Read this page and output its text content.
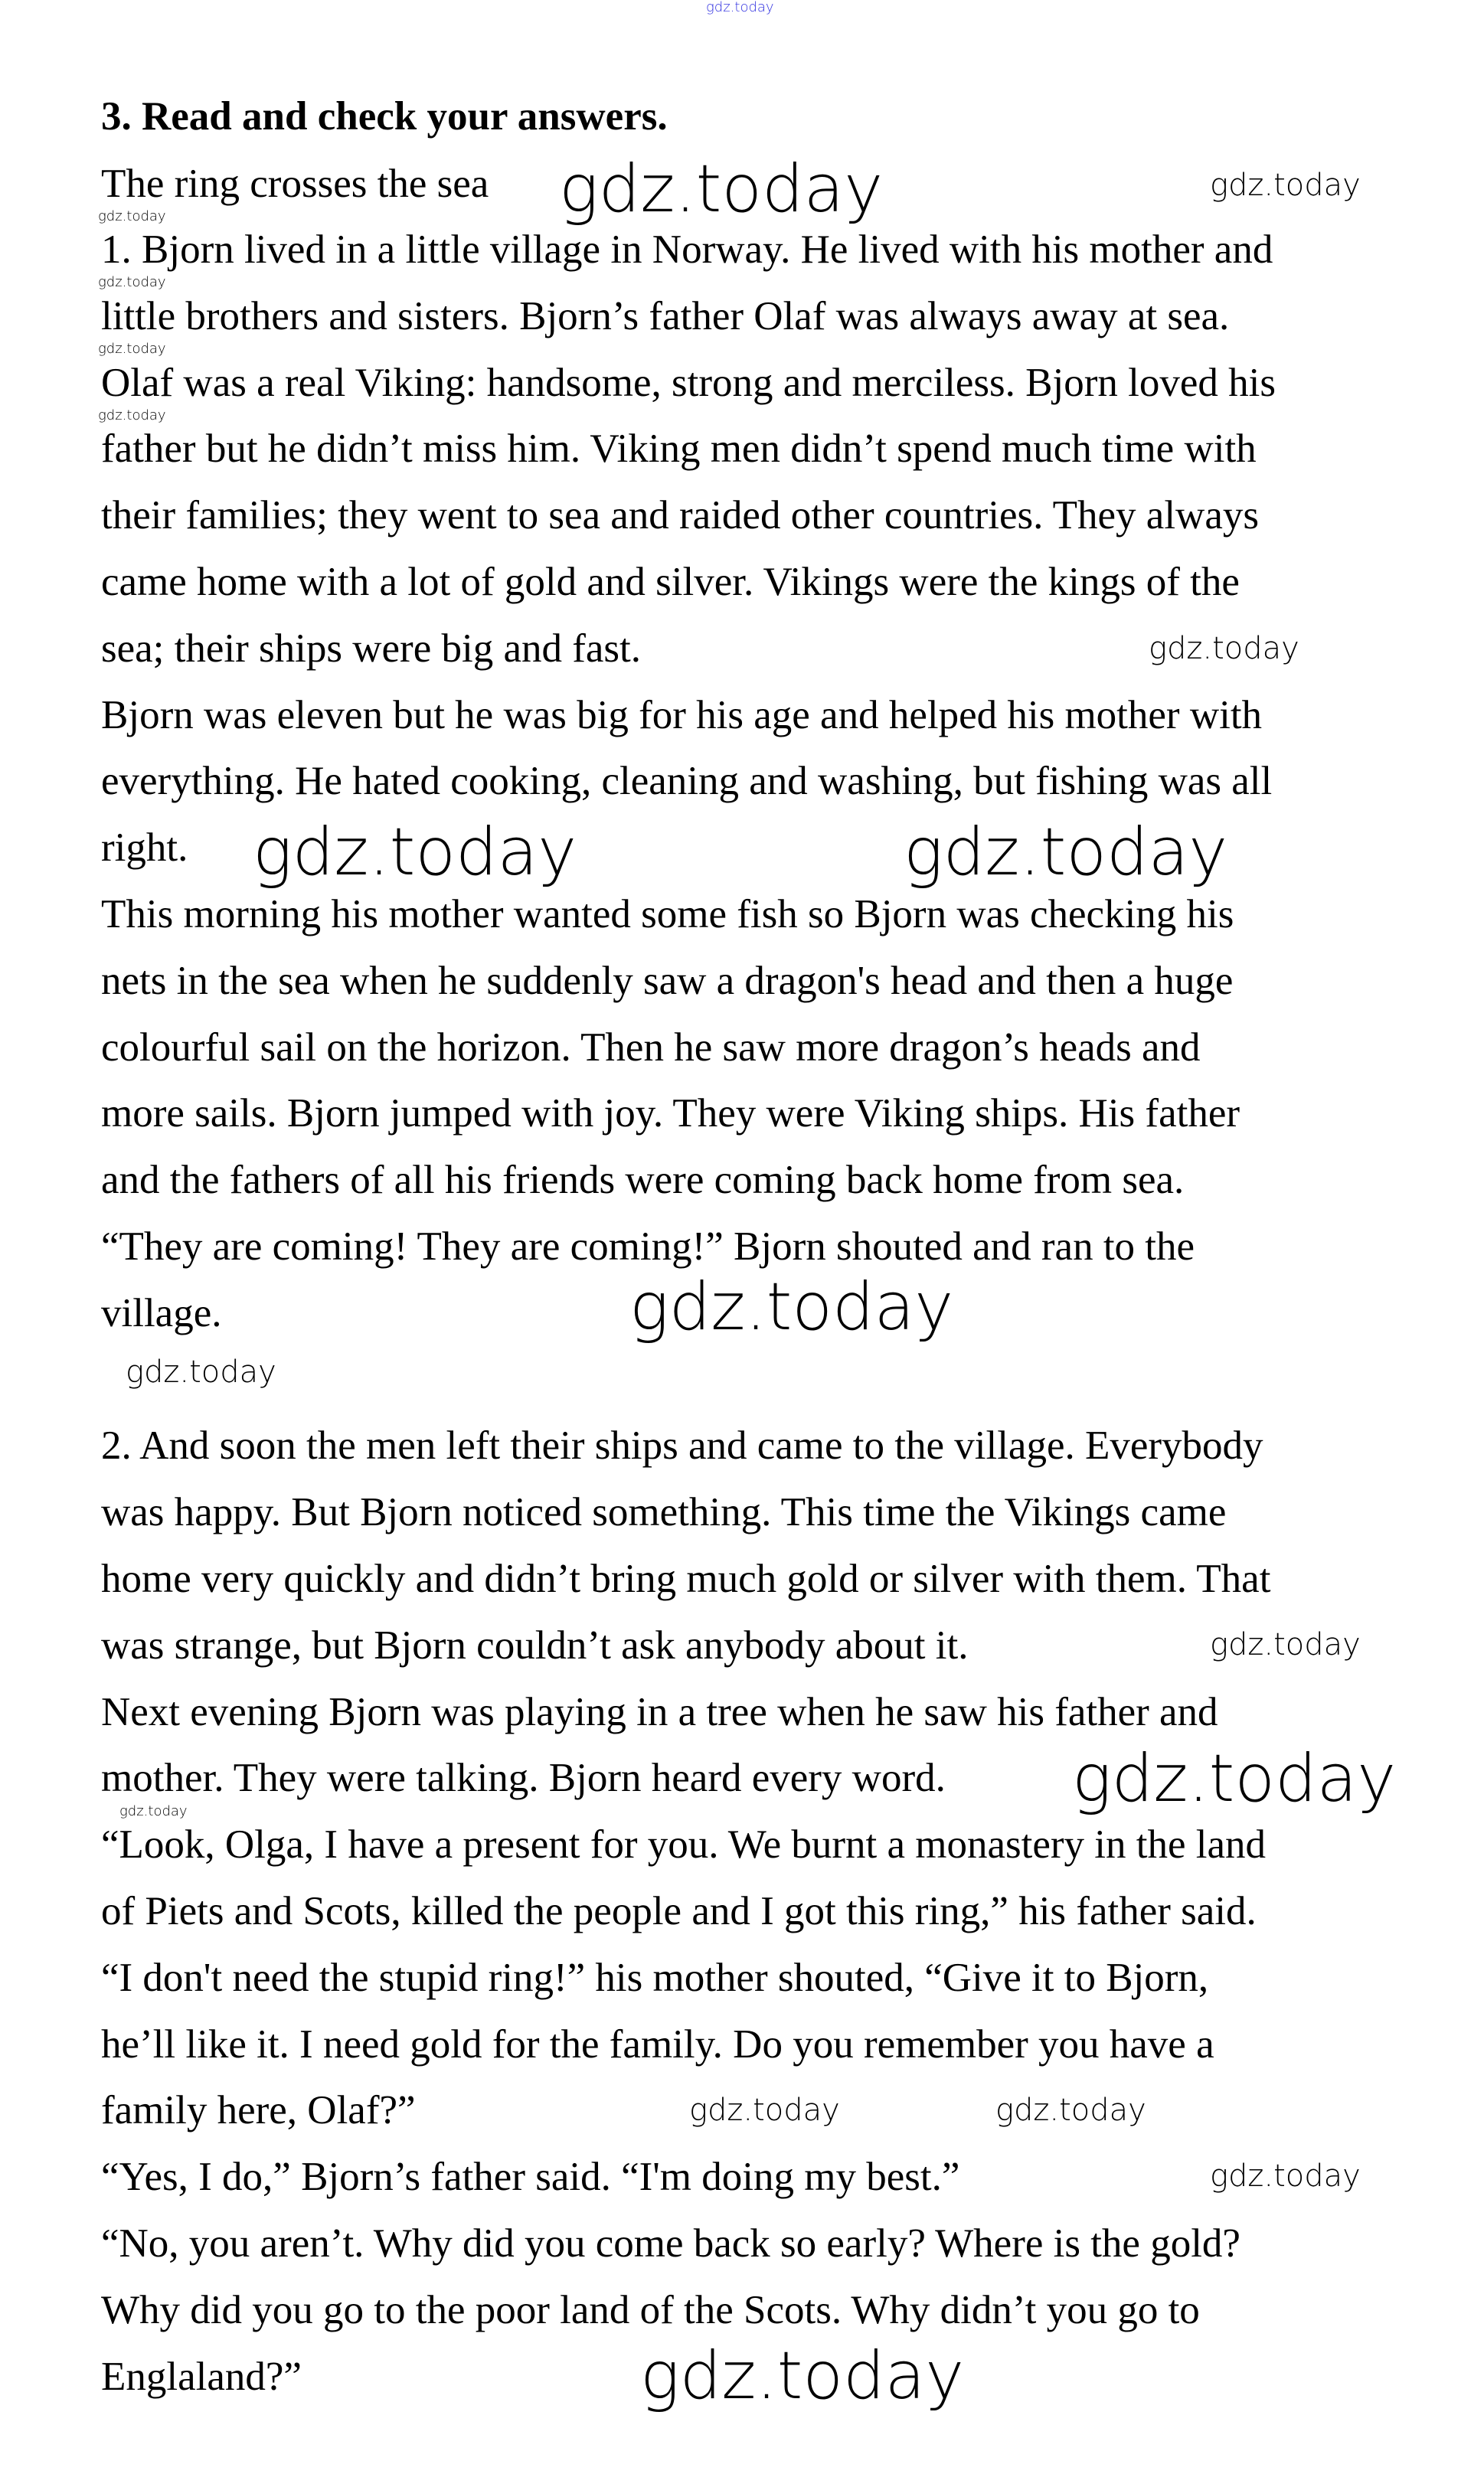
gdz.today
3. Read and check your answers.
The ring crosses the sea
1. Bjorn lived in a little village in Norway. He lived with his mother and
little brothers and sisters. Bjorn’s father Olaf was always away at sea.
Olaf was a real Viking: handsome, strong and merciless. Bjorn loved his
father but he didn’t miss him. Viking men didn’t spend much time with
their families; they went to sea and raided other countries. They always
came home with a lot of gold and silver. Vikings were the kings of the
sea; their ships were big and fast.
Bjorn was eleven but he was big for his age and helped his mother with
everything. He hated cooking, cleaning and washing, but fishing was all
right.
This morning his mother wanted some fish so Bjorn was checking his
nets in the sea when he suddenly saw a dragon's head and then a huge
colourful sail on the horizon. Then he saw more dragon’s heads and
more sails. Bjorn jumped with joy. They were Viking ships. His father
and the fathers of all his friends were coming back home from sea.
“They are coming! They are coming!” Bjorn shouted and ran to the
village.
2. And soon the men left their ships and came to the village. Everybody
was happy. But Bjorn noticed something. This time the Vikings came
home very quickly and didn’t bring much gold or silver with them. That
was strange, but Bjorn couldn’t ask anybody about it.
Next evening Bjorn was playing in a tree when he saw his father and
mother. They were talking. Bjorn heard every word.
“Look, Olga, I have a present for you. We burnt a monastery in the land
of Piets and Scots, killed the people and I got this ring,” his father said.
“I don't need the stupid ring!” his mother shouted, “Give it to Bjorn,
he’ll like it. I need gold for the family. Do you remember you have a
family here, Olaf?”
“Yes, I do,” Bjorn’s father said. “I'm doing my best.”
“No, you aren’t. Why did you come back so early? Where is the gold?
Why did you go to the poor land of the Scots. Why didn’t you go to
Englaland?”
gdz.today
gdz.today
gdz.today
gdz.today
gdz.today
gdz.today
gdz.today
gdz.today	gdz.today
gdz.today
gdz.today
gdz.today
gdz.today
gdz.today
gdz.today	gdz.today
gdz.today
gdz.today
